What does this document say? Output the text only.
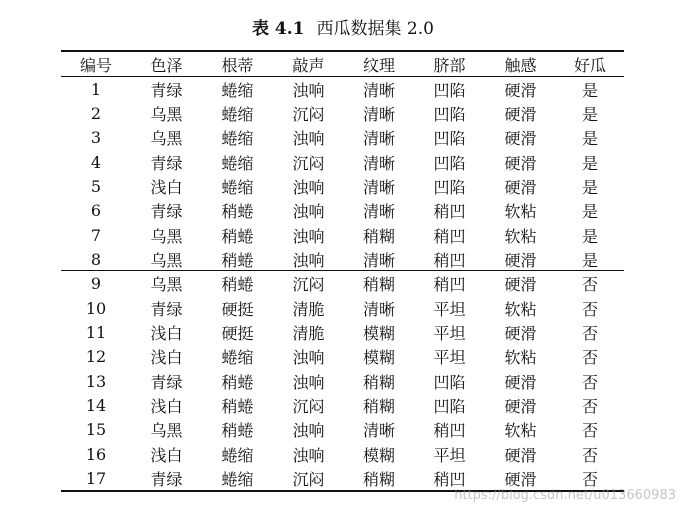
表 4.1 西瓜数据集 2.0
编号	色泽	根蒂	敲声	纹理	脐部	触感	好瓜
1	青绿	蜷缩	浊响	清晰	凹陷	硬滑	是
2	乌黑	蜷缩	沉闷	清晰	凹陷	硬滑	是
3	乌黑	蜷缩	浊响	清晰	凹陷	硬滑	是
4	青绿	蜷缩	沉闷	清晰	凹陷	硬滑	是
5	浅白	蜷缩	浊响	清晰	凹陷	硬滑	是
6	青绿	稍蜷	浊响	清晰	稍凹	软粘	是
7	乌黑	稍蜷	浊响	稍糊	稍凹	软粘	是
8	乌黑	稍蜷	浊响	清晰	稍凹	硬滑	是
9	乌黑	稍蜷	沉闷	稍糊	稍凹	硬滑	否
10	青绿	硬挺	清脆	清晰	平坦	软粘	否
11	浅白	硬挺	清脆	模糊	平坦	硬滑	否
12	浅白	蜷缩	浊响	模糊	平坦	软粘	否
13	青绿	稍蜷	浊响	稍糊	凹陷	硬滑	否
14	浅白	稍蜷	沉闷	稍糊	凹陷	硬滑	否
15	乌黑	稍蜷	浊响	清晰	稍凹	软粘	否
16	浅白	蜷缩	浊响	模糊	平坦	硬滑	否
17	青绿	蜷缩	沉闷	稍糊	稍凹	硬滑	否
https://blog.csdn.net/u013660983
